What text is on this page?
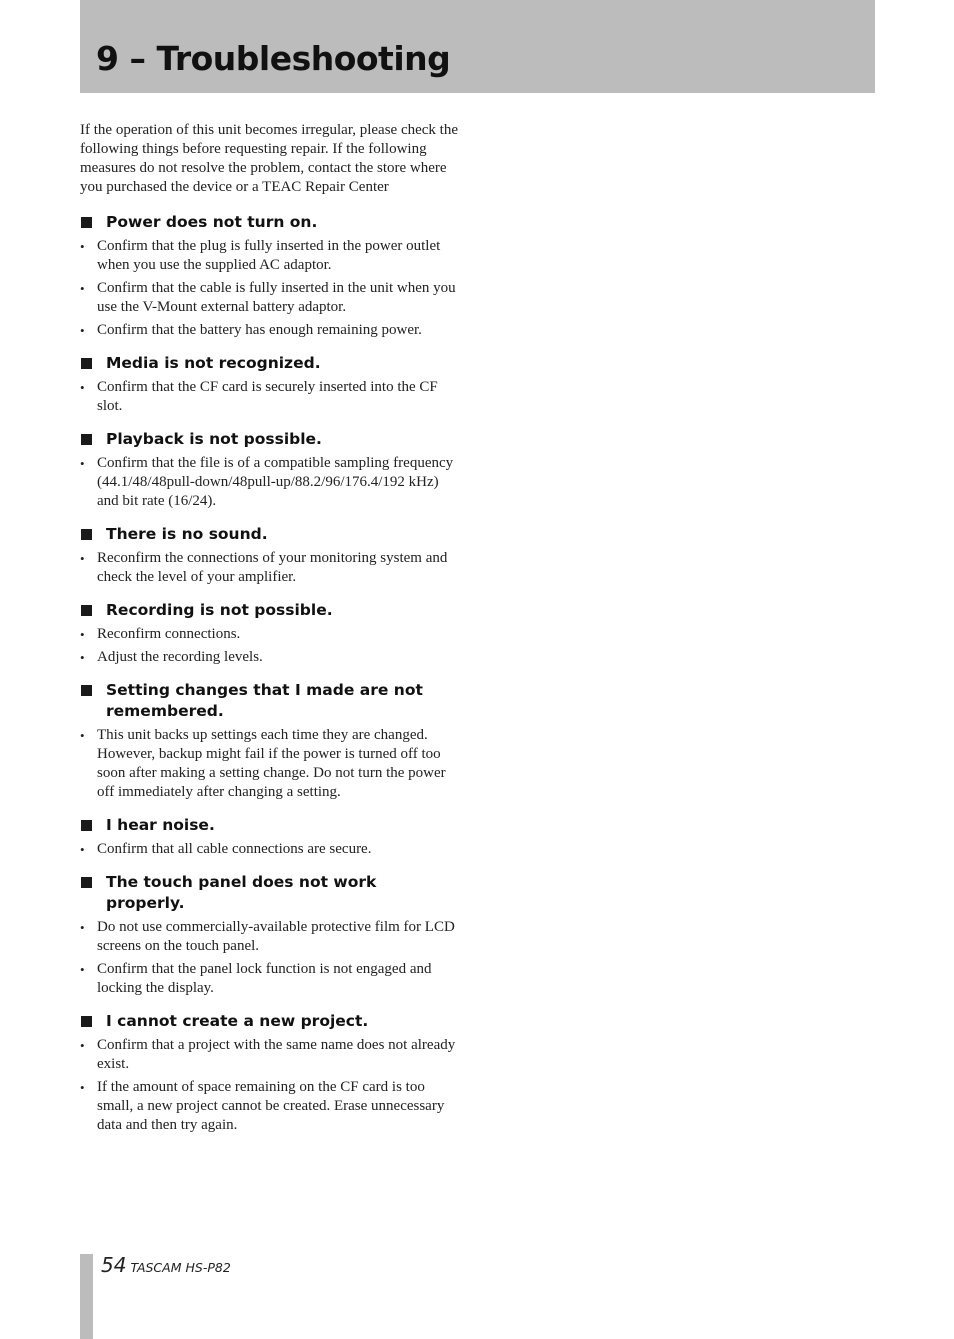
9 – Troubleshooting

If the operation of this unit becomes irregular, please check the following things before requesting repair. If the following measures do not resolve the problem, contact the store where you purchased the device or a TEAC Repair Center

Power does not turn on.
• Confirm that the plug is fully inserted in the power outlet when you use the supplied AC adaptor.
• Confirm that the cable is fully inserted in the unit when you use the V-Mount external battery adaptor.
• Confirm that the battery has enough remaining power.
Media is not recognized.
• Confirm that the CF card is securely inserted into the CF slot.
Playback is not possible.
• Confirm that the file is of a compatible sampling frequency (44.1/48/48pull-down/48pull-up/88.2/96/176.4/192 kHz) and bit rate (16/24).
There is no sound.
• Reconfirm the connections of your monitoring system and check the level of your amplifier.
Recording is not possible.
• Reconfirm connections.
• Adjust the recording levels.
Setting changes that I made are not remembered.
• This unit backs up settings each time they are changed. However, backup might fail if the power is turned off too soon after making a setting change. Do not turn the power off immediately after changing a setting.
I hear noise.
• Confirm that all cable connections are secure.
The touch panel does not work properly.
• Do not use commercially-available protective film for LCD screens on the touch panel.
• Confirm that the panel lock function is not engaged and locking the display.
I cannot create a new project.
• Confirm that a project with the same name does not already exist.
• If the amount of space remaining on the CF card is too small, a new project cannot be created. Erase unnecessary data and then try again.
54 TASCAM HS-P82
